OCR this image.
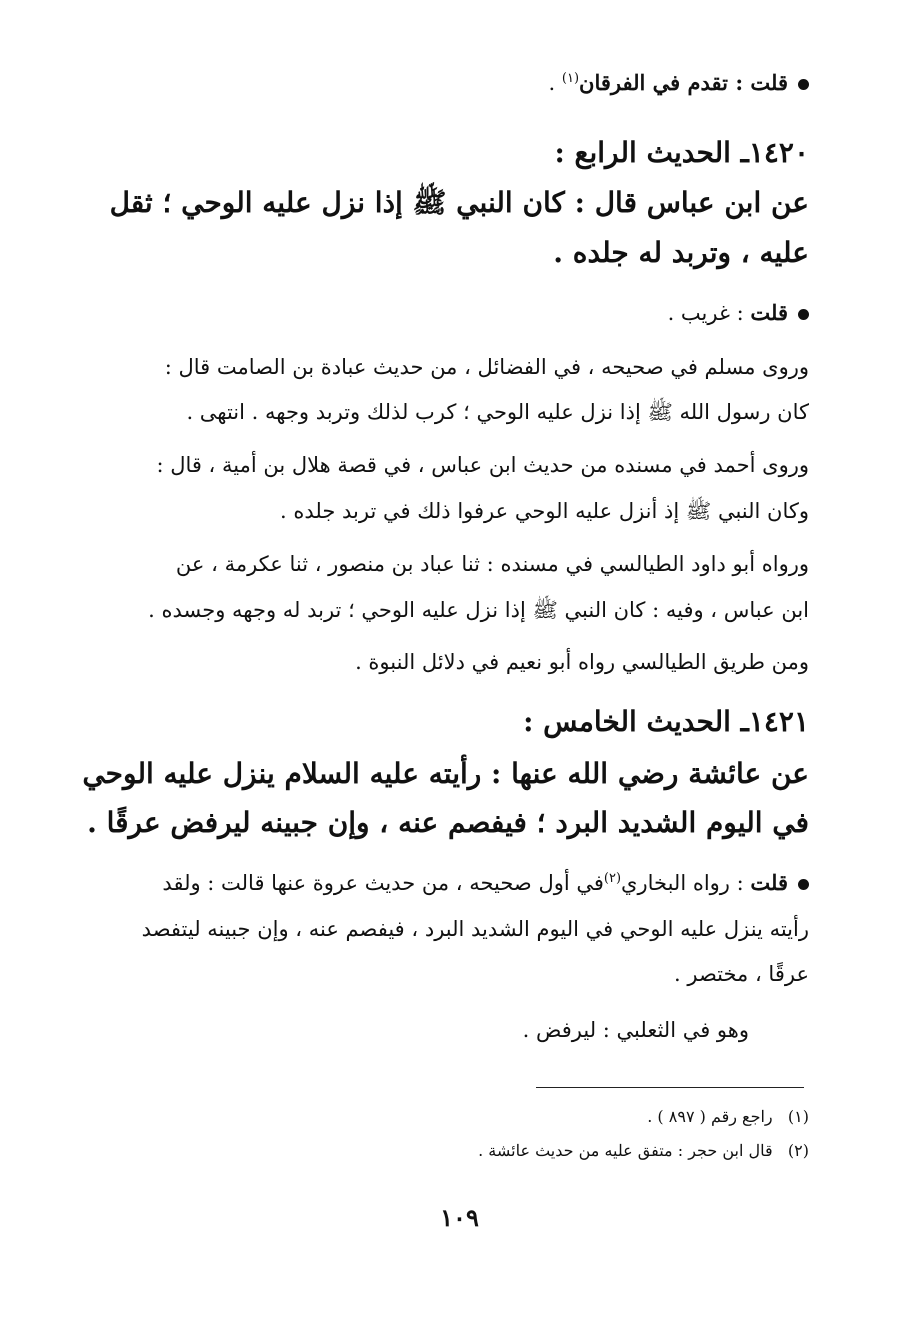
قلت : تقدم في الفرقان$^{(١)}$ .
١٤٢٠ـ الحديث الرابع :
عن ابن عباس قال : كان النبي ﷺ إذا نزل عليه الوحي ؛ ثقل
عليه ، وتربد له جلده .
قلت : غريب .
وروى مسلم في صحيحه ، في الفضائل ، من حديث عبادة بن الصامت قال :
كان رسول الله ﷺ إذا نزل عليه الوحي ؛ كرب لذلك وتربد وجهه . انتهى .
وروى أحمد في مسنده من حديث ابن عباس ، في قصة هلال بن أمية ، قال :
وكان النبي ﷺ إذ أنزل عليه الوحي عرفوا ذلك في تربد جلده .
ورواه أبو داود الطيالسي في مسنده : ثنا عباد بن منصور ، ثنا عكرمة ، عن
ابن عباس ، وفيه : كان النبي ﷺ إذا نزل عليه الوحي ؛ تربد له وجهه وجسده .
ومن طريق الطيالسي رواه أبو نعيم في دلائل النبوة .
١٤٢١ـ الحديث الخامس :
عن عائشة رضي الله عنها : رأيته عليه السلام ينزل عليه الوحي
في اليوم الشديد البرد ؛ فيفصم عنه ، وإن جبينه ليرفض عرقًا .
قلت : رواه البخاري$^{(٢)}$في أول صحيحه ، من حديث عروة عنها قالت : ولقد
رأيته ينزل عليه الوحي في اليوم الشديد البرد ، فيفصم عنه ، وإن جبينه ليتفصد
عرقًا ، مختصر .
وهو في الثعلبي : ليرفض .
(١)   راجع رقم ( ٨٩٧ ) .
(٢)   قال ابن حجر : متفق عليه من حديث عائشة .
١٠٩
